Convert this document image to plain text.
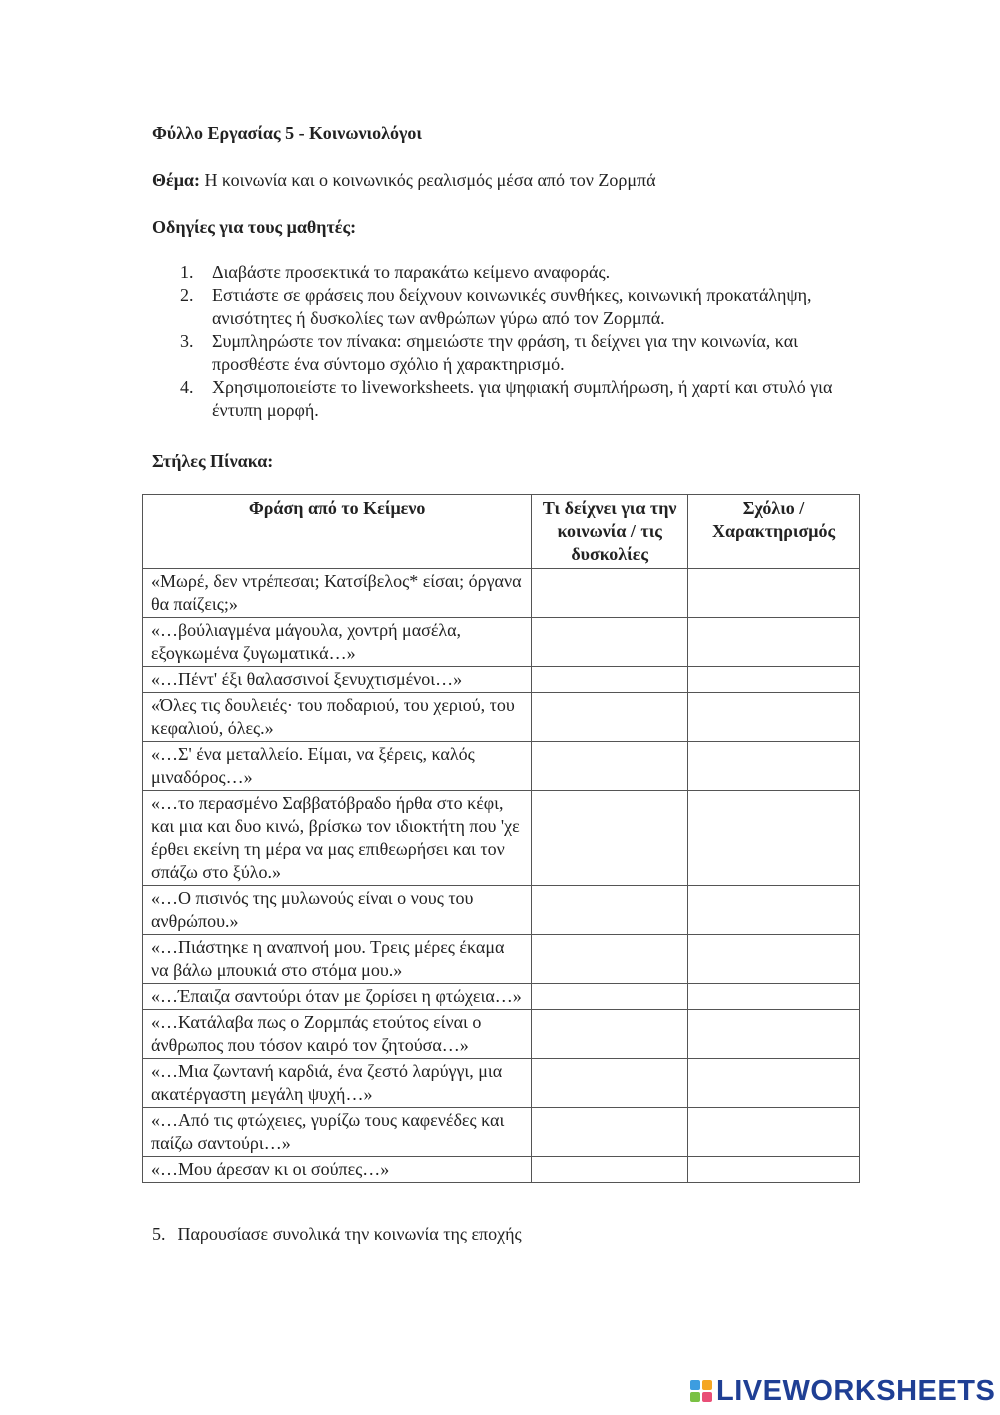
Φύλλο Εργασίας 5 - Κοινωνιολόγοι
Θέμα: Η κοινωνία και ο κοινωνικός ρεαλισμός μέσα από τον Ζορμπά
Οδηγίες για τους μαθητές:
1. Διαβάστε προσεκτικά το παρακάτω κείμενο αναφοράς.
2. Εστιάστε σε φράσεις που δείχνουν κοινωνικές συνθήκες, κοινωνική προκατάληψη, ανισότητες ή δυσκολίες των ανθρώπων γύρω από τον Ζορμπά.
3. Συμπληρώστε τον πίνακα: σημειώστε την φράση, τι δείχνει για την κοινωνία, και προσθέστε ένα σύντομο σχόλιο ή χαρακτηρισμό.
4. Χρησιμοποιείστε το liveworksheets. για ψηφιακή συμπλήρωση, ή χαρτί και στυλό για έντυπη μορφή.
Στήλες Πίνακα:
Φράση από το Κείμενο	Τι δείχνει για την κοινωνία / τις δυσκολίες	Σχόλιο / Χαρακτηρισμός
«Μωρέ, δεν ντρέπεσαι; Κατσίβελος* είσαι; όργανα θα παίζεις;»		
«…βούλιαγμένα μάγουλα, χοντρή μασέλα, εξογκωμένα ζυγωματικά…»		
«…Πέντ' έξι θαλασσινοί ξενυχτισμένοι…»		
«Όλες τις δουλειές· του ποδαριού, του χεριού, του κεφαλιού, όλες.»		
«…Σ' ένα μεταλλείο. Είμαι, να ξέρεις, καλός μιναδόρος…»		
«…το περασμένο Σαββατόβραδο ήρθα στο κέφι, και μια και δυο κινώ, βρίσκω τον ιδιοκτήτη που 'χε έρθει εκείνη τη μέρα να μας επιθεωρήσει και τον σπάζω στο ξύλο.»		
«…Ο πισινός της μυλωνούς είναι ο νους του ανθρώπου.»		
«…Πιάστηκε η αναπνοή μου. Τρεις μέρες έκαμα να βάλω μπουκιά στο στόμα μου.»		
«…Έπαιζα σαντούρι όταν με ζορίσει η φτώχεια…»		
«…Κατάλαβα πως ο Ζορμπάς ετούτος είναι ο άνθρωπος που τόσον καιρό τον ζητούσα…»		
«…Μια ζωντανή καρδιά, ένα ζεστό λαρύγγι, μια ακατέργαστη μεγάλη ψυχή…»		
«…Από τις φτώχειες, γυρίζω τους καφενέδες και παίζω σαντούρι…»		
«…Μου άρεσαν κι οι σούπες…»		
5. Παρουσίασε συνολικά την κοινωνία της εποχής
LIVEWORKSHEETS
